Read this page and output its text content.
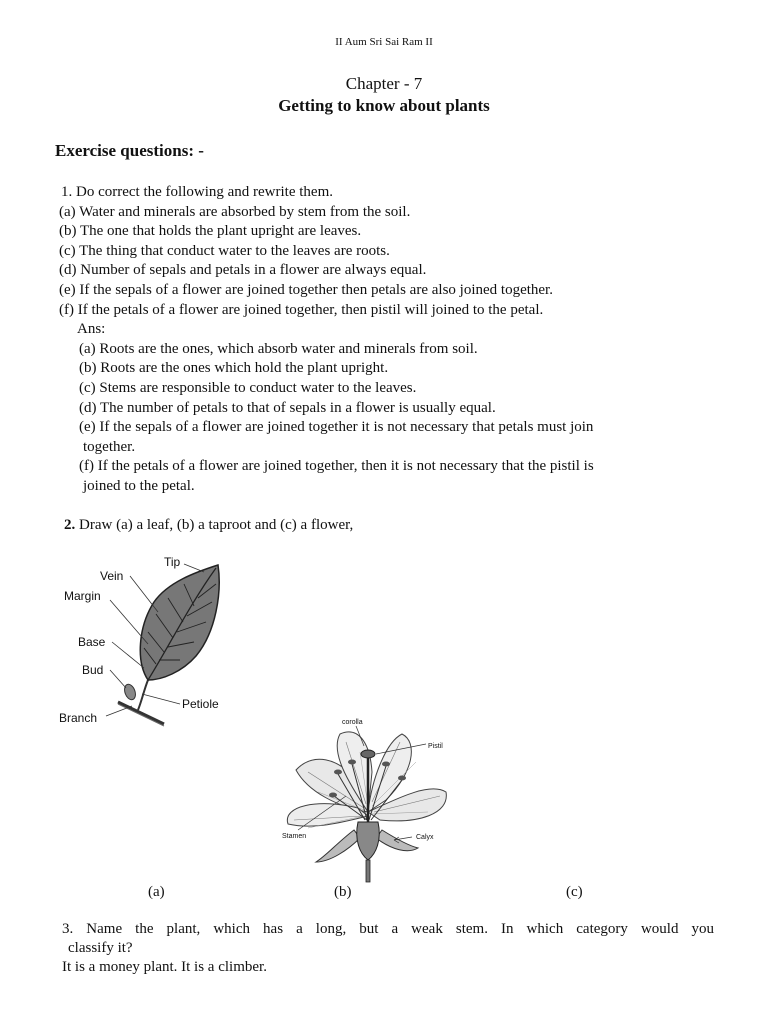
II Aum Sri Sai Ram II
Chapter - 7
Getting to know about plants
Exercise questions: -
1. Do correct the following and rewrite them.
(a) Water and minerals are absorbed by stem from the soil.
(b) The one that holds the plant upright are leaves.
(c) The thing that conduct water to the leaves are roots.
(d) Number of sepals and petals in a flower are always equal.
(e) If the sepals of a flower are joined together then petals are also joined together.
(f) If the petals of a flower are joined together, then pistil will joined to the petal.
Ans:
(a) Roots are the ones, which absorb water and minerals from soil.
(b) Roots are the ones which hold the plant upright.
(c) Stems are responsible to conduct water to the leaves.
(d) The number of petals to that of sepals in a flower is usually equal.
(e) If the sepals of a flower are joined together it is not necessary that petals must join
together.
(f) If the petals of a flower are joined together, then it is not necessary that the pistil is
joined to the petal.
2. Draw (a) a leaf, (b) a taproot and (c) a flower,
Tip
Vein
Margin
Base
Bud
Petiole
Branch	corolla
Pistil
Stamen	Calyx
(a)	(b)	(c)
3. Name the plant, which has a long, but a weak stem. In which category would you
classify it?
It is a money plant. It is a climber.
